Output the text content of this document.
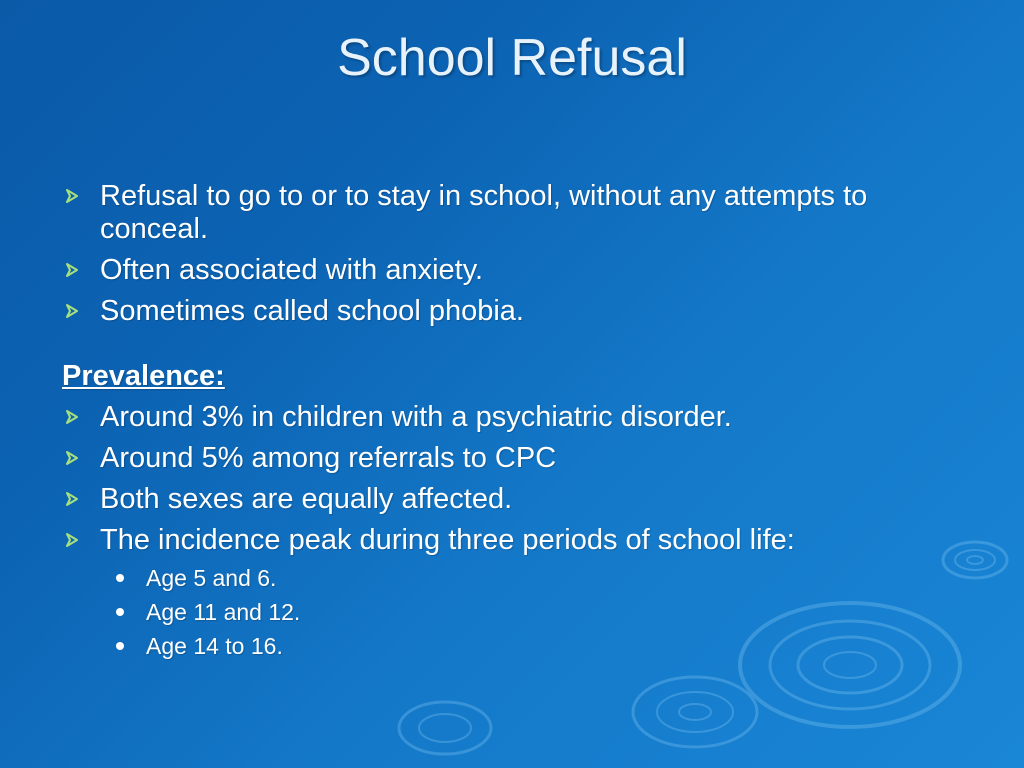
School Refusal
Refusal to go to or to stay in school, without any attempts to conceal.
Often associated with anxiety.
Sometimes called school phobia.
Prevalence:
Around 3% in children with a psychiatric disorder.
Around 5% among referrals to CPC
Both sexes are equally affected.
The incidence peak during three periods of school life:
Age 5 and 6.
Age 11 and 12.
Age 14 to 16.
